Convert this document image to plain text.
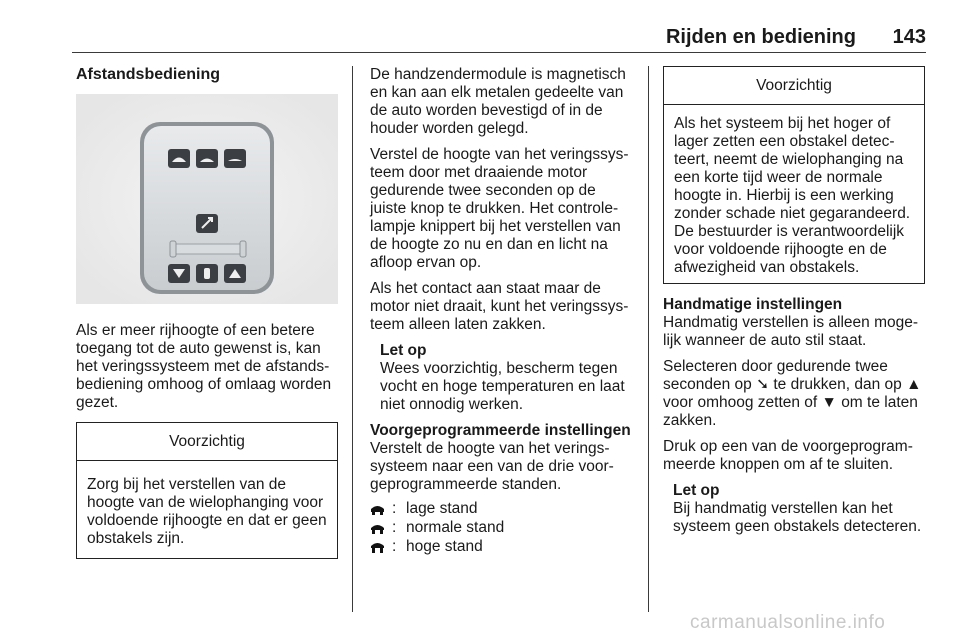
Rijden en bediening 143

Afstandsbediening

Als er meer rijhoogte of een betere toegang tot de auto gewenst is, kan het veringssysteem met de afstands-bediening omhoog of omlaag worden gezet.

Voorzichtig
Zorg bij het verstellen van de hoogte van de wielophanging voor voldoende rijhoogte en dat er geen obstakels zijn.

De handzendermodule is magnetisch en kan aan elk metalen gedeelte van de auto worden bevestigd of in de houder worden gelegd.

Verstel de hoogte van het veringssys-teem door met draaiende motor gedurende twee seconden op de juiste knop te drukken. Het controle-lampje knippert bij het verstellen van de hoogte zo nu en dan en licht na afloop ervan op.

Als het contact aan staat maar de motor niet draait, kunt het veringssys-teem alleen laten zakken.

Let op

Wees voorzichtig, bescherm tegen vocht en hoge temperaturen en laat niet onnodig werken.

Voorgeprogrammeerde instellingen

Verstelt de hoogte van het verings-systeem naar een van de drie voor-geprogrammeerde standen.

: lage stand
: normale stand
: hoge stand
Voorzichtig
Als het systeem bij het hoger of lager zetten een obstakel detec-teert, neemt de wielophanging na een korte tijd weer de normale hoogte in. Hierbij is een werking zonder schade niet gegarandeerd. De bestuurder is verantwoordelijk voor voldoende rijhoogte en de afwezigheid van obstakels.

Handmatige instellingen

Handmatig verstellen is alleen moge-lijk wanneer de auto stil staat.

Selecteren door gedurende twee seconden op ➘ te drukken, dan op ▲ voor omhoog zetten of ▼ om te laten zakken.

Druk op een van de voorgeprogram-meerde knoppen om af te sluiten.

Let op

Bij handmatig verstellen kan het systeem geen obstakels detecteren.

carmanualsonline.info
